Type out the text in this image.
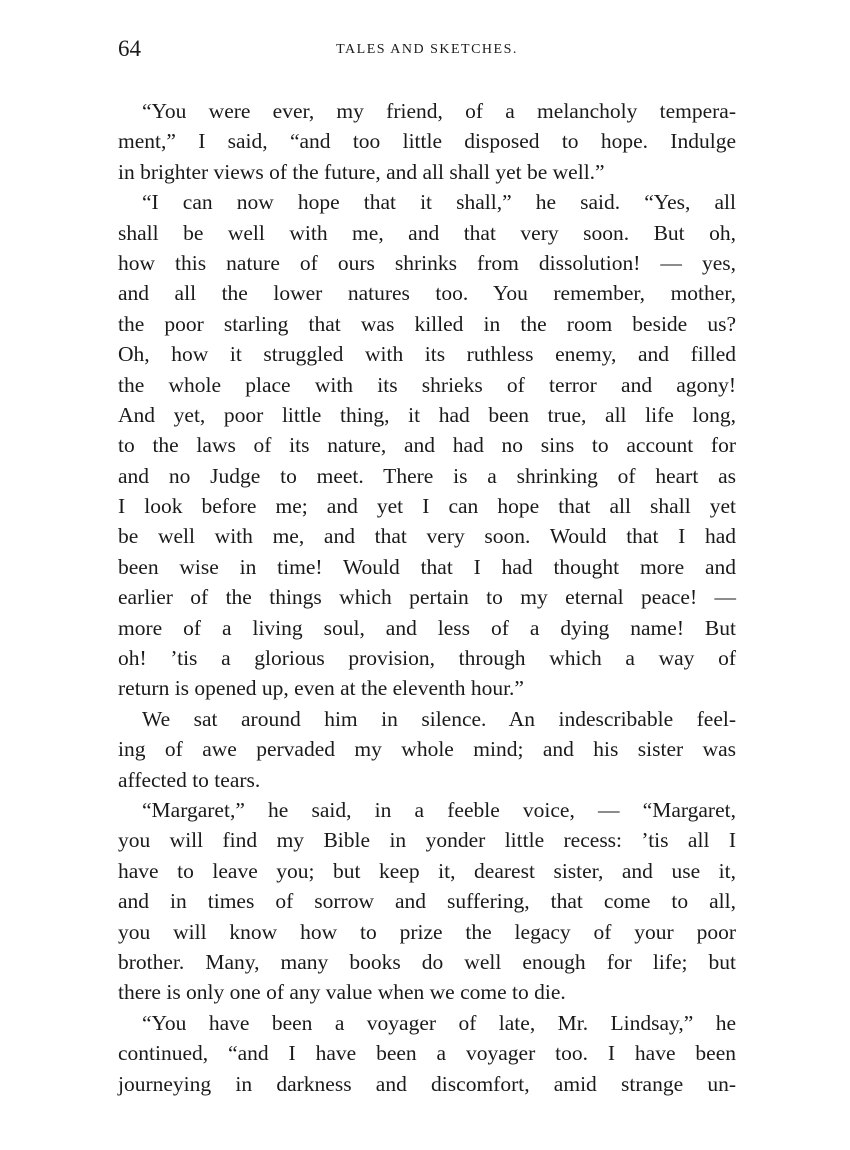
64	TALES AND SKETCHES.
“You were ever, my friend, of a melancholy tempera-
ment,” I said, “and too little disposed to hope. Indulge
in brighter views of the future, and all shall yet be well.”
“I can now hope that it shall,” he said. “Yes, all
shall be well with me, and that very soon. But oh,
how this nature of ours shrinks from dissolution! — yes,
and all the lower natures too. You remember, mother,
the poor starling that was killed in the room beside us?
Oh, how it struggled with its ruthless enemy, and filled
the whole place with its shrieks of terror and agony!
And yet, poor little thing, it had been true, all life long,
to the laws of its nature, and had no sins to account for
and no Judge to meet. There is a shrinking of heart as
I look before me; and yet I can hope that all shall yet
be well with me, and that very soon. Would that I had
been wise in time! Would that I had thought more and
earlier of the things which pertain to my eternal peace! —
more of a living soul, and less of a dying name! But
oh! ’tis a glorious provision, through which a way of
return is opened up, even at the eleventh hour.”
We sat around him in silence. An indescribable feel-
ing of awe pervaded my whole mind; and his sister was
affected to tears.
“Margaret,” he said, in a feeble voice, — “Margaret,
you will find my Bible in yonder little recess: ’tis all I
have to leave you; but keep it, dearest sister, and use it,
and in times of sorrow and suffering, that come to all,
you will know how to prize the legacy of your poor
brother. Many, many books do well enough for life; but
there is only one of any value when we come to die.
“You have been a voyager of late, Mr. Lindsay,” he
continued, “and I have been a voyager too. I have been
journeying in darkness and discomfort, amid strange un-
